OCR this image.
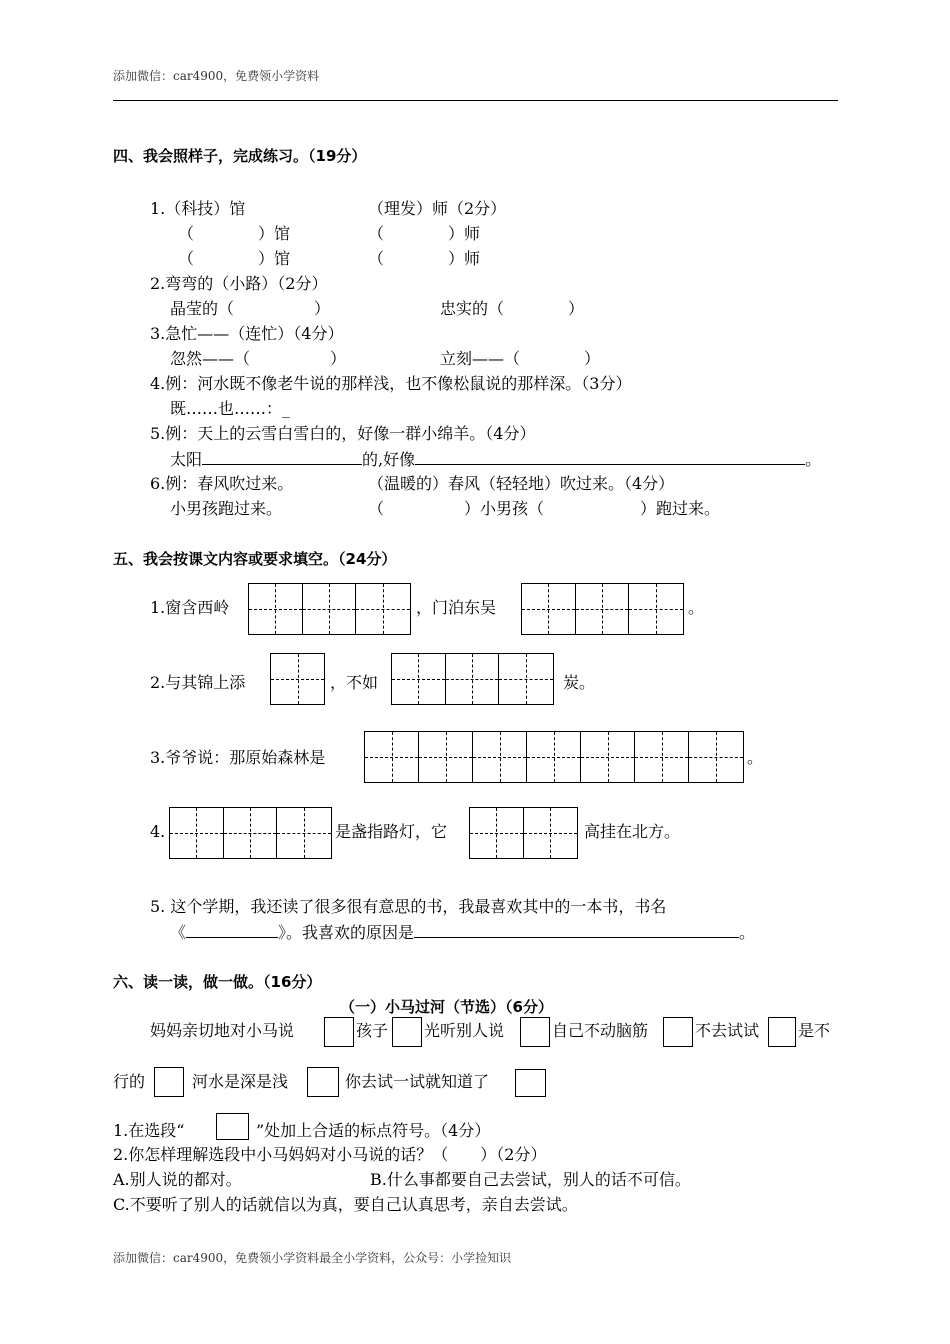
添加微信：car4900，免费领小学资料
四、我会照样子，完成练习。（19分）
1.（科技）馆	（理发）师（2分）
（　　　　）馆	（　　　　）师
（　　　　）馆	（　　　　）师
2.弯弯的（小路）（2分）
晶莹的（　　　　　）	忠实的（　　　　）
3.急忙——（连忙）（4分）
忽然——（　　　　　）	立刻——（　　　　）
4.例：河水既不像老牛说的那样浅，也不像松鼠说的那样深。（3分）
既……也……：_
5.例：天上的云雪白雪白的，好像一群小绵羊。（4分）
太阳	的,好像	。
6.例：春风吹过来。	（温暖的）春风（轻轻地）吹过来。（4分）
小男孩跑过来。	（　　　　　）小男孩（　　　　　　）跑过来。
五、我会按课文内容或要求填空。（24分）
1.窗含西岭	，门泊东吴	。
2.与其锦上添	，不如	炭。
3.爷爷说：那原始森林是	。
4.	是盏指路灯，它	高挂在北方。
5. 这个学期，我还读了很多很有意思的书，我最喜欢其中的一本书，书名
《	》。我喜欢的原因是	。
六、读一读，做一做。（16分）
（一）小马过河（节选）（6分）
妈妈亲切地对小马说	孩子 光听别人说	自己不动脑筋	不去试试 是不
行的	河水是深是浅	你去试一试就知道了
1.在选段“	”处加上合适的标点符号。（4分）
2.你怎样理解选段中小马妈妈对小马说的话？（　　）（2分）
A.别人说的都对。	B.什么事都要自己去尝试，别人的话不可信。
C.不要听了别人的话就信以为真，要自己认真思考，亲自去尝试。
添加微信：car4900，免费领小学资料最全小学资料，公众号：小学捡知识
